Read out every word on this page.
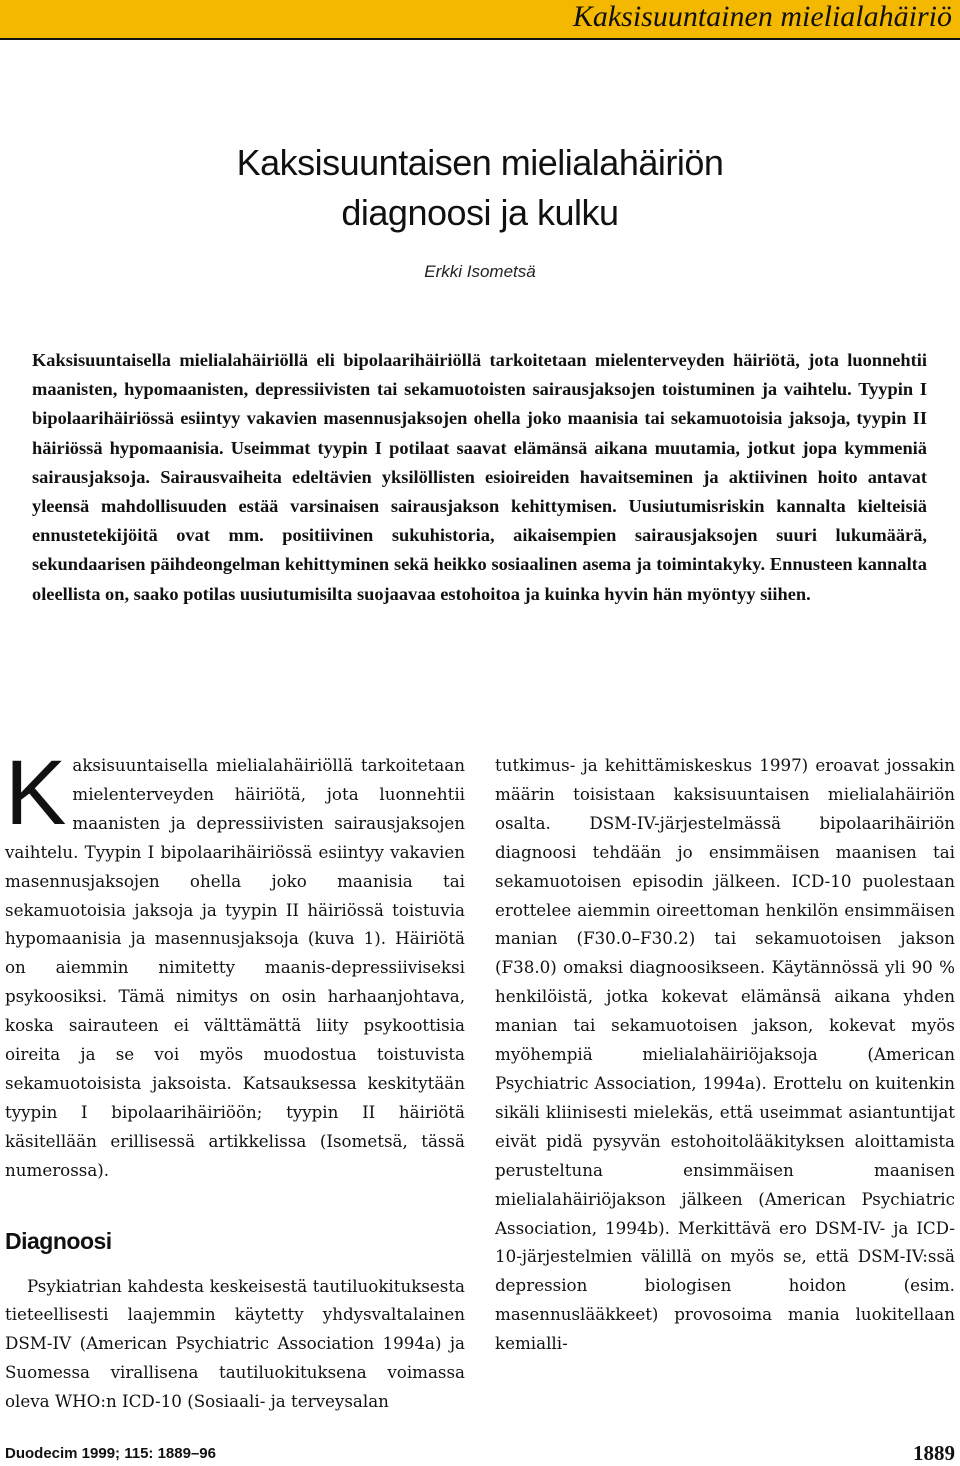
Kaksisuuntainen mielialahäiriö
Kaksisuuntaisen mielialahäiriön
diagnoosi ja kulku
Erkki Isometsä
Kaksisuuntaisella mielialahäiriöllä eli bipolaarihäiriöllä tarkoitetaan mielenterveyden häiriötä, jota luonnehtii maanisten, hypomaanisten, depressiivisten tai sekamuotoisten sairausjaksojen toistuminen ja vaihtelu. Tyypin I bipolaarihäiriössä esiintyy vakavien masennusjaksojen ohella joko maanisia tai sekamuotoisia jaksoja, tyypin II häiriössä hypomaanisia. Useimmat tyypin I potilaat saavat elämänsä aikana muutamia, jotkut jopa kymmeniä sairausjaksoja. Sairausvaiheita edeltävien yksilöllisten esioireiden havaitseminen ja aktiivinen hoito antavat yleensä mahdollisuuden estää varsinaisen sairausjakson kehittymisen. Uusiutumisriskin kannalta kielteisiä ennustetekijöitä ovat mm. positiivinen sukuhistoria, aikaisempien sairausjaksojen suuri lukumäärä, sekundaarisen päihdeongelman kehittyminen sekä heikko sosiaalinen asema ja toimintakyky. Ennusteen kannalta oleellista on, saako potilas uusiutumisilta suojaavaa estohoitoa ja kuinka hyvin hän myöntyy siihen.

Kaksisuuntaisella mielialahäiriöllä tarkoitetaan mielenterveyden häiriötä, jota luonnehtii maanisten ja depressiivisten sairausjaksojen vaihtelu. Tyypin I bipolaarihäiriössä esiintyy vakavien masennusjaksojen ohella joko maanisia tai sekamuotoisia jaksoja ja tyypin II häiriössä toistuvia hypomaanisia ja masennusjaksoja (kuva 1). Häiriötä on aiemmin nimitetty maanis-depressiiviseksi psykoosiksi. Tämä nimitys on osin harhaanjohtava, koska sairauteen ei välttämättä liity psykoottisia oireita ja se voi myös muodostua toistuvista sekamuotoisista jaksoista. Katsauksessa keskitytään tyypin I bipolaarihäiriöön; tyypin II häiriötä käsitellään erillisessä artikkelissa (Isometsä, tässä numerossa).

Diagnoosi

Psykiatrian kahdesta keskeisestä tautiluokituksesta tieteellisesti laajemmin käytetty yhdysvaltalainen DSM-IV (American Psychiatric Association 1994a) ja Suomessa virallisena tautiluokituksena voimassa oleva WHO:n ICD-10 (Sosiaali- ja terveysalan

tutkimus- ja kehittämiskeskus 1997) eroavat jossakin määrin toisistaan kaksisuuntaisen mielialahäiriön osalta. DSM-IV-järjestelmässä bipolaarihäiriön diagnoosi tehdään jo ensimmäisen maanisen tai sekamuotoisen episodin jälkeen. ICD-10 puolestaan erottelee aiemmin oireettoman henkilön ensimmäisen manian (F30.0–F30.2) tai sekamuotoisen jakson (F38.0) omaksi diagnoosikseen. Käytännössä yli 90 % henkilöistä, jotka kokevat elämänsä aikana yhden manian tai sekamuotoisen jakson, kokevat myös myöhempiä mielialahäiriöjaksoja (American Psychiatric Association, 1994a). Erottelu on kuitenkin sikäli kliinisesti mielekäs, että useimmat asiantuntijat eivät pidä pysyvän estohoitolääkityksen aloittamista perusteltuna ensimmäisen maanisen mielialahäiriöjakson jälkeen (American Psychiatric Association, 1994b). Merkittävä ero DSM-IV- ja ICD-10-järjestelmien välillä on myös se, että DSM-IV:ssä depression biologisen hoidon (esim. masennuslääkkeet) provosoima mania luokitellaan kemialli-

Duodecim 1999; 115: 1889–96	1889
